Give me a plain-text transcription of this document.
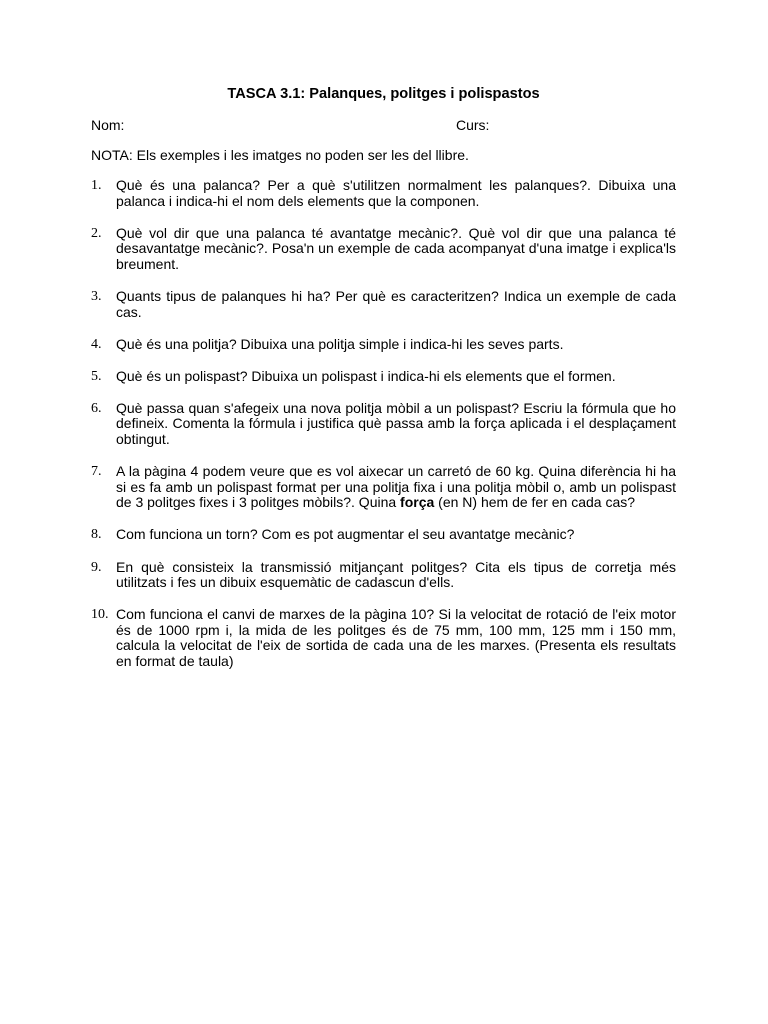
TASCA 3.1: Palanques, politges i polispastos
Nom:	Curs:
NOTA: Els exemples i les imatges no poden ser les del llibre.
1. Què és una palanca? Per a què s'utilitzen normalment les palanques?. Dibuixa una palanca i indica-hi el nom dels elements que la componen.
2. Què vol dir que una palanca té avantatge mecànic?. Què vol dir que una palanca té desavantatge mecànic?. Posa'n un exemple de cada acompanyat d'una imatge i explica'ls breument.
3. Quants tipus de palanques hi ha? Per què es caracteritzen? Indica un exemple de cada cas.
4. Què és una politja? Dibuixa una politja simple i indica-hi les seves parts.
5. Què és un polispast? Dibuixa un polispast i indica-hi els elements que el formen.
6. Què passa quan s'afegeix una nova politja mòbil a un polispast? Escriu la fórmula que ho defineix. Comenta la fórmula i justifica què passa amb la força aplicada i el desplaçament obtingut.
7. A la pàgina 4 podem veure que es vol aixecar un carretó de 60 kg. Quina diferència hi ha si es fa amb un polispast format per una politja fixa i una politja mòbil o, amb un polispast de 3 politges fixes i 3 politges mòbils?. Quina força (en N) hem de fer en cada cas?
8. Com funciona un torn? Com es pot augmentar el seu avantatge mecànic?
9. En què consisteix la transmissió mitjançant politges? Cita els tipus de corretja més utilitzats i fes un dibuix esquemàtic de cadascun d'ells.
10. Com funciona el canvi de marxes de la pàgina 10? Si la velocitat de rotació de l'eix motor és de 1000 rpm i, la mida de les politges és de 75 mm, 100 mm, 125 mm i 150 mm, calcula la velocitat de l'eix de sortida de cada una de les marxes. (Presenta els resultats en format de taula)
